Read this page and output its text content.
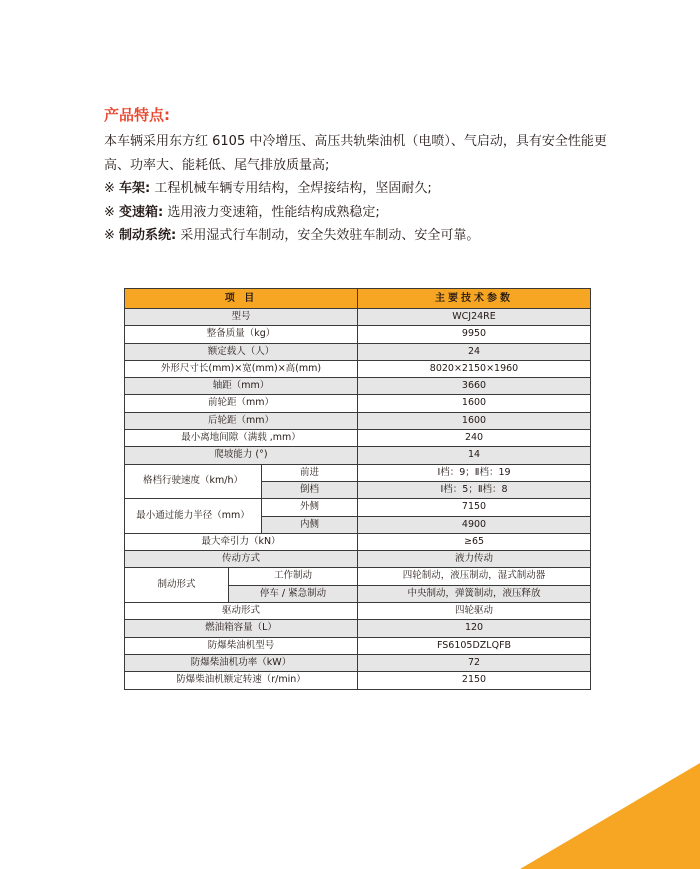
产品特点:

本车辆采用东方红 6105 中冷增压、高压共轨柴油机（电喷）、气启动，具有安全性能更高、功率大、能耗低、尾气排放质量高;

※ 车架: 工程机械车辆专用结构，全焊接结构，坚固耐久;

※ 变速箱: 选用液力变速箱，性能结构成熟稳定;

※ 制动系统: 采用湿式行车制动，安全失效驻车制动、安全可靠。

项 目			主要技术参数
型号			WCJ24RE
整备质量（kg）			9950
额定载人（人）			24
外形尺寸长(mm)×宽(mm)×高(mm)			8020×2150×1960
轴距（mm）			3660
前轮距（mm）			1600
后轮距（mm）			1600
最小离地间隙（满载 ,mm）			240
爬坡能力 (°)			14
格档行驶速度（km/h）		前进	Ⅰ档：9；Ⅱ档：19
		倒档	Ⅰ档：5；Ⅱ档：8
最小通过能力半径（mm）		外侧	7150
		内侧	4900
最大牵引力（kN）			≥65
传动方式			液力传动
制动形式	工作制动		四轮制动，液压制动，湿式制动器
	停车 / 紧急制动		中央制动，弹簧制动，液压释放
驱动形式			四轮驱动
燃油箱容量（L）			120
防爆柴油机型号			FS6105DZLQFB
防爆柴油机功率（kW）			72
防爆柴油机额定转速（r/min）			2150
